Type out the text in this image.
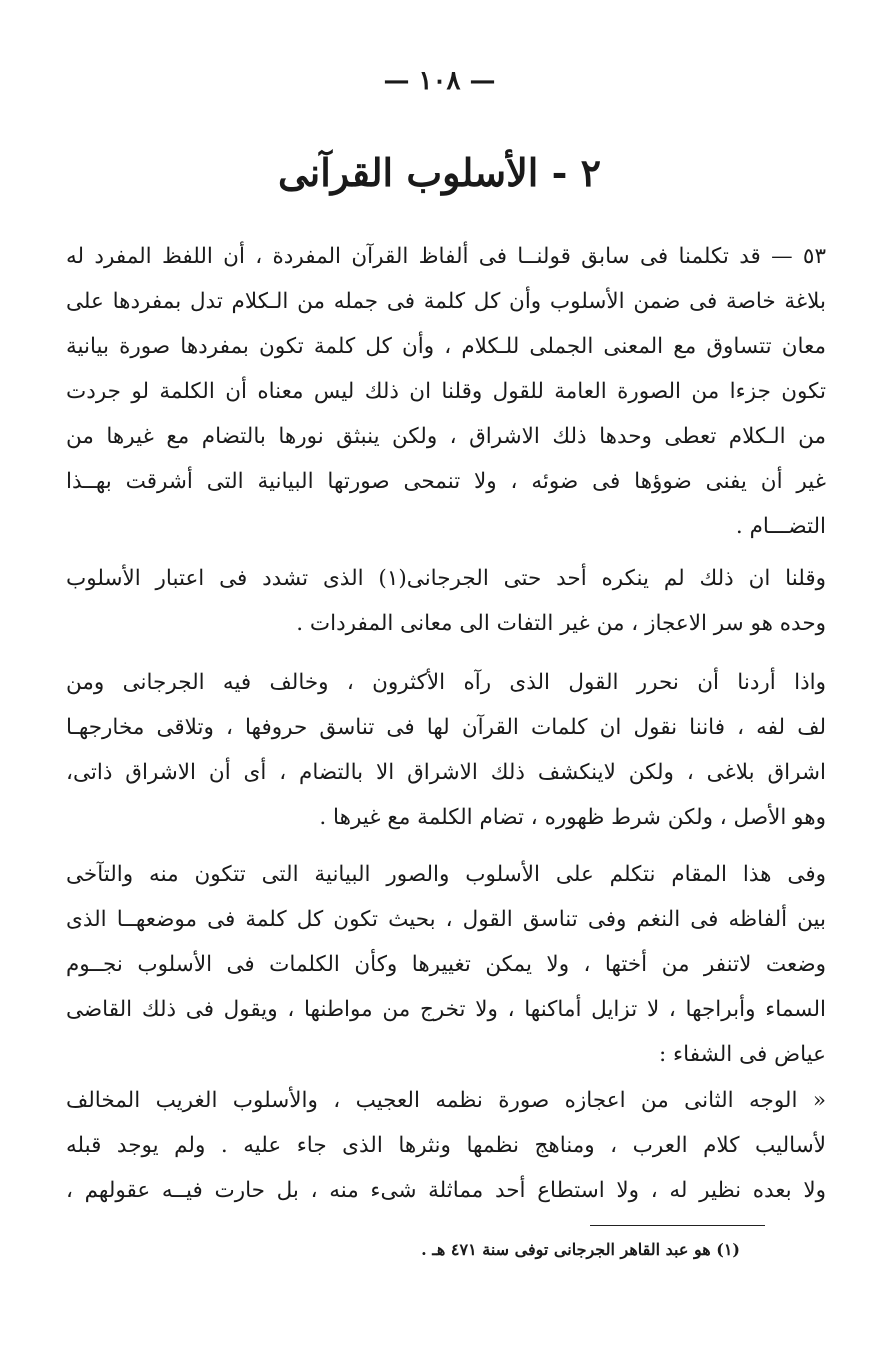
— ١٠٨ —
٢ - الأسلوب القرآنى
٥٣ — قد تكلمنا فى سابق قولنــا فى ألفاظ القرآن المفردة ، أن اللفظ المفرد له
بلاغة خاصة فى ضمن الأسلوب وأن كل كلمة فى جمله من الـكلام تدل بمفردها على
معان تتساوق مع المعنى الجملى للـكلام ، وأن كل كلمة تكون بمفردها صورة بيانية
تكون جزءا من الصورة العامة للقول وقلنا ان ذلك ليس معناه أن الكلمة لو جردت
من الـكلام تعطى وحدها ذلك الاشراق ، ولكن ينبثق نورها بالتضام مع غيرها من
غير أن يفنى ضوؤها فى ضوئه ، ولا تنمحى صورتها البيانية التى أشرقت بهــذا
التضـــام .
وقلنا ان ذلك لم ينكره أحد حتى الجرجانى(١) الذى تشدد فى اعتبار الأسلوب
وحده هو سر الاعجاز ، من غير التفات الى معانى المفردات .
واذا أردنا أن نحرر القول الذى رآه الأكثرون ، وخالف فيه الجرجانى ومن
لف لفه ، فاننا نقول ان كلمات القرآن لها فى تناسق حروفها ، وتلاقى مخارجهـا
اشراق بلاغى ، ولكن لاينكشف ذلك الاشراق الا بالتضام ، أى أن الاشراق ذاتى،
وهو الأصل ، ولكن شرط ظهوره ، تضام الكلمة مع غيرها .
وفى هذا المقام نتكلم على الأسلوب والصور البيانية التى تتكون منه والتآخى
بين ألفاظه فى النغم وفى تناسق القول ، بحيث تكون كل كلمة فى موضعهــا الذى
وضعت لاتنفر من أختها ، ولا يمكن تغييرها وكأن الكلمات فى الأسلوب نجــوم
السماء وأبراجها ، لا تزايل أماكنها ، ولا تخرج من مواطنها ، ويقول فى ذلك القاضى
عياض فى الشفاء :
« الوجه الثانى من اعجازه صورة نظمه العجيب ، والأسلوب الغريب المخالف
لأساليب كلام العرب ، ومناهج نظمها ونثرها الذى جاء عليه . ولم يوجد قبله
ولا بعده نظير له ، ولا استطاع أحد مماثلة شىء منه ، بل حارت فيــه عقولهم ،
(١) هو عبد القاهر الجرجانى توفى سنة ٤٧١ هـ .
